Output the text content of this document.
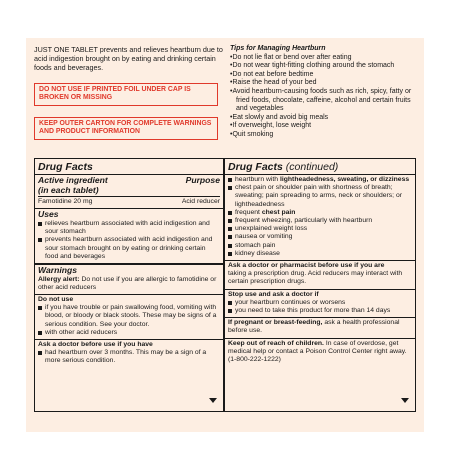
JUST ONE TABLET prevents and relieves heartburn due to acid indigestion brought on by eating and drinking certain foods and beverages.
DO NOT USE IF PRINTED FOIL UNDER CAP IS BROKEN OR MISSING
KEEP OUTER CARTON FOR COMPLETE WARNINGS AND PRODUCT INFORMATION
Tips for Managing Heartburn
• Do not lie flat or bend over after eating
• Do not wear tight-fitting clothing around the stomach
• Do not eat before bedtime
• Raise the head of your bed
• Avoid heartburn-causing foods such as rich, spicy, fatty or fried foods, chocolate, caffeine, alcohol and certain fruits and vegetables
• Eat slowly and avoid big meals
• If overweight, lose weight
• Quit smoking
Drug Facts
Active ingredient	Purpose
(in each tablet)
Famotidine 20 mg	Acid reducer
Uses
relieves heartburn associated with acid indigestion and sour stomach
prevents heartburn associated with acid indigestion and sour stomach brought on by eating or drinking certain food and beverages
Warnings
Allergy alert: Do not use if you are allergic to famotidine or other acid reducers
Do not use
if you have trouble or pain swallowing food, vomiting with blood, or bloody or black stools. These may be signs of a serious condition. See your doctor.
with other acid reducers
Ask a doctor before use if you have
had heartburn over 3 months. This may be a sign of a more serious condition.
Drug Facts (continued)
heartburn with lightheadedness, sweating, or dizziness
chest pain or shoulder pain with shortness of breath; sweating; pain spreading to arms, neck or shoulders; or lightheadedness
frequent chest pain
frequent wheezing, particularly with heartburn
unexplained weight loss
nausea or vomiting
stomach pain
kidney disease
Ask a doctor or pharmacist before use if you are
taking a prescription drug. Acid reducers may interact with certain prescription drugs.
Stop use and ask a doctor if
your heartburn continues or worsens
you need to take this product for more than 14 days
If pregnant or breast-feeding, ask a health professional before use.
Keep out of reach of children. In case of overdose, get medical help or contact a Poison Control Center right away. (1-800-222-1222)
